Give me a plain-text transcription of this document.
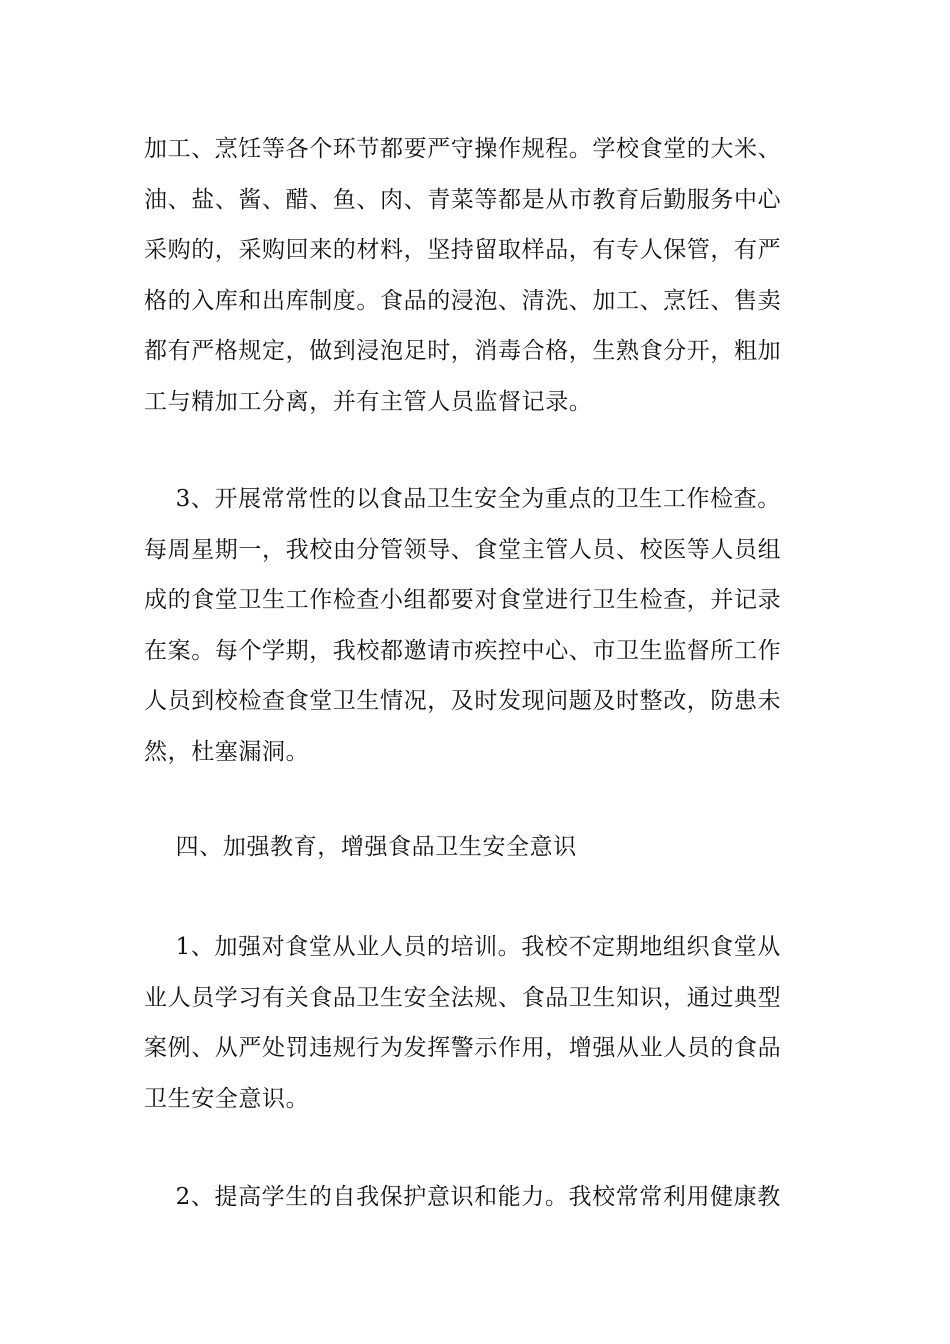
加工、烹饪等各个环节都要严守操作规程。学校食堂的大米、
油、盐、酱、醋、鱼、肉、青菜等都是从市教育后勤服务中心
采购的，采购回来的材料，坚持留取样品，有专人保管，有严
格的入库和出库制度。食品的浸泡、清洗、加工、烹饪、售卖
都有严格规定，做到浸泡足时，消毒合格，生熟食分开，粗加
工与精加工分离，并有主管人员监督记录。
3、开展常常性的以食品卫生安全为重点的卫生工作检查。
每周星期一，我校由分管领导、食堂主管人员、校医等人员组
成的食堂卫生工作检查小组都要对食堂进行卫生检查，并记录
在案。每个学期，我校都邀请市疾控中心、市卫生监督所工作
人员到校检查食堂卫生情况，及时发现问题及时整改，防患未
然，杜塞漏洞。
四、加强教育，增强食品卫生安全意识
1、加强对食堂从业人员的培训。我校不定期地组织食堂从
业人员学习有关食品卫生安全法规、食品卫生知识，通过典型
案例、从严处罚违规行为发挥警示作用，增强从业人员的食品
卫生安全意识。
2、提高学生的自我保护意识和能力。我校常常利用健康教
